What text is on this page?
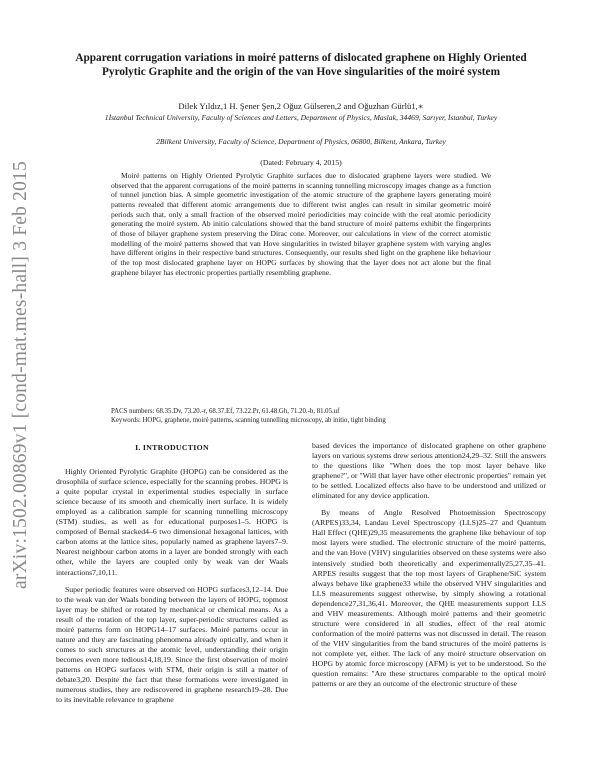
arXiv:1502.00869v1 [cond-mat.mes-hall] 3 Feb 2015
Apparent corrugation variations in moiré patterns of dislocated graphene on Highly Oriented Pyrolytic Graphite and the origin of the van Hove singularities of the moiré system
Dilek Yıldız,1 H. Şener Şen,2 Oğuz Gülseren,2 and Oğuzhan Gürlü1,∗
1İstanbul Technical University, Faculty of Sciences and Letters, Department of Physics, Maslak, 34469, Sarıyer, İstanbul, Turkey
2Bilkent University, Faculty of Science, Department of Physics, 06800, Bilkent, Ankara, Turkey
(Dated: February 4, 2015)
Moiré patterns on Highly Oriented Pyrolytic Graphite surfaces due to dislocated graphene layers were studied. We observed that the apparent corrugations of the moiré patterns in scanning tunnelling microscopy images change as a function of tunnel junction bias. A simple geometric investigation of the atomic structure of the graphene layers generating moiré patterns revealed that different atomic arrangements due to different twist angles can result in similar geometric moiré periods such that, only a small fraction of the observed moiré periodicities may coincide with the real atomic periodicity generating the moiré system. Ab initio calculations showed that the band structure of moiré patterns exhibit the fingerprints of those of bilayer graphene system preserving the Dirac cone. Moreover, our calculations in view of the correct atomistic modelling of the moiré patterns showed that van Hove singularities in twisted bilayer graphene system with varying angles have different origins in their respective band structures. Consequently, our results shed light on the graphene like behaviour of the top most dislocated graphene layer on HOPG surfaces by showing that the layer does not act alone but the final graphene bilayer has electronic properties partially resembling graphene.
PACS numbers: 68.35.Dv, 73.20.-r, 68.37.Ef, 73.22.Pr, 61.48.Gh, 71.20.-b, 81.05.uf
Keywords: HOPG, graphene, moiré patterns, scanning tunnelling microscopy, ab initio, tight binding
I. INTRODUCTION

Highly Oriented Pyrolytic Graphite (HOPG) can be considered as the drosophila of surface science, especially for the scanning probes. HOPG is a quite popular crystal in experimental studies especially in surface science because of its smooth and chemically inert surface. It is widely employed as a calibration sample for scanning tunnelling microscopy (STM) studies, as well as for educational purposes1–5. HOPG is composed of Bernal stacked4–6 two dimensional hexagonal lattices, with carbon atoms at the lattice sites, popularly named as graphene layers7–9. Nearest neighbour carbon atoms in a layer are bonded strongly with each other, while the layers are coupled only by weak van der Waals interactions7,10,11.

Super periodic features were observed on HOPG surfaces3,12–14. Due to the weak van der Waals bonding between the layers of HOPG, topmost layer may be shifted or rotated by mechanical or chemical means. As a result of the rotation of the top layer, super-periodic structures called as moiré patterns form on HOPG14–17 surfaces. Moiré patterns occur in nature and they are fascinating phenomena already optically, and when it comes to such structures at the atomic level, understanding their origin becomes even more tedious14,18,19. Since the first observation of moiré patterns on HOPG surfaces with STM, their origin is still a matter of debate3,20. Despite the fact that these formations were investigated in numerous studies, they are rediscovered in graphene research19–28. Due to its inevitable relevance to graphene

based devices the importance of dislocated graphene on other graphene layers on various systems drew serious attention24,29–32. Still the answers to the questions like "When does the top most layer behave like graphene?", or "Will that layer have other electronic properties" remain yet to be settled. Localized effects also have to be understood and utilized or eliminated for any device application.

By means of Angle Resolved Photoemission Spectroscopy (ARPES)33,34, Landau Level Spectroscopy (LLS)25–27 and Quantum Hall Effect (QHE)29,35 measurements the graphene like behaviour of top most layers were studied. The electronic structure of the moiré patterns, and the van Hove (VHV) singularities observed on these systems were also intensively studied both theoretically and experimentally25,27,35–41. ARPES results suggest that the top most layers of Graphene/SiC system always behave like graphene33 while the observed VHV singularities and LLS measurements suggest otherwise, by simply showing a rotational dependence27,31,36,41. Moreover, the QHE measurements support LLS and VHV measurements. Although moiré patterns and their geometric structure were considered in all studies, effect of the real atomic conformation of the moiré patterns was not discussed in detail. The reason of the VHV singularities from the band structures of the moiré patterns is not complete yet, either. The lack of any moiré structure observation on HOPG by atomic force microscopy (AFM) is yet to be understood. So the question remains: "Are these structures comparable to the optical moiré patterns or are they an outcome of the electronic structure of these
